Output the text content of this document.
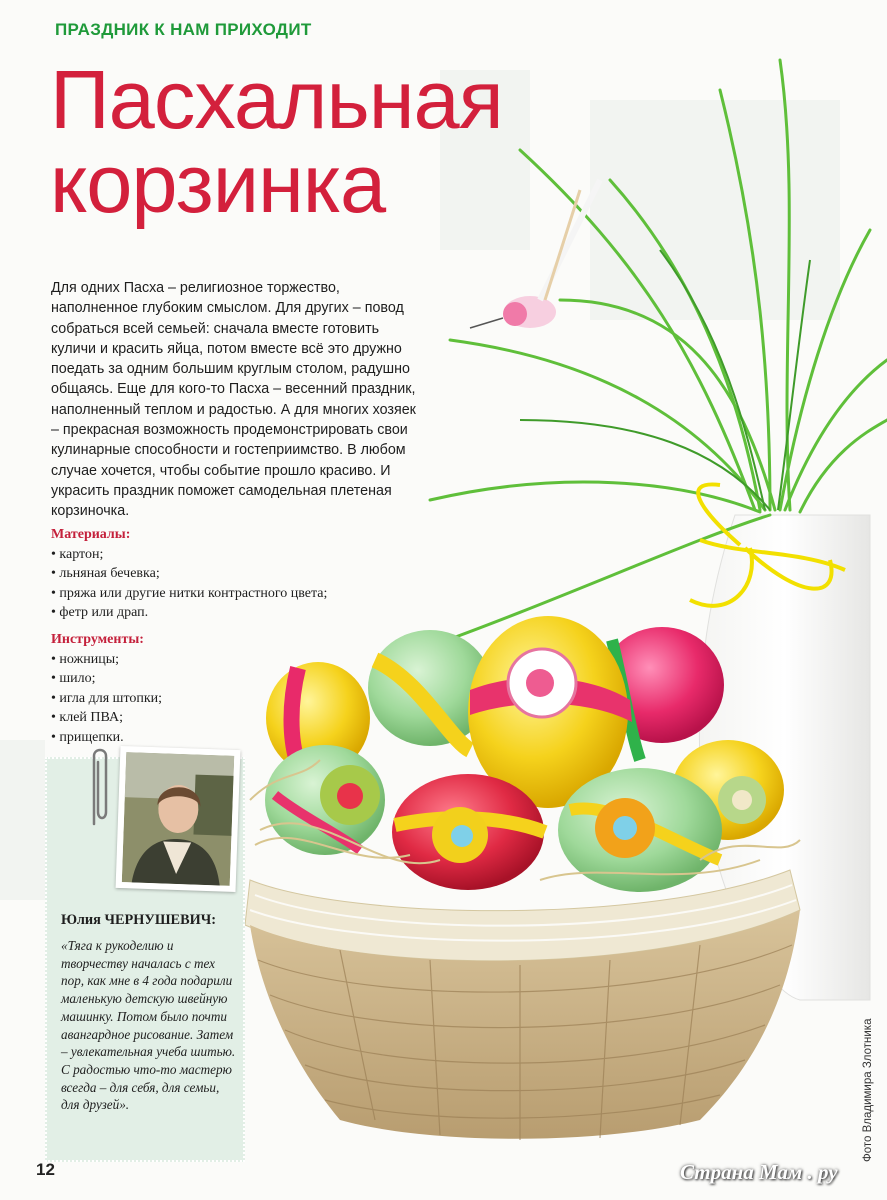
ПРАЗДНИК К НАМ ПРИХОДИТ
Пасхальная
корзинка

Для одних Пасха – религиозное торжество, наполненное глубоким смыслом. Для других – повод собраться всей семьей: сначала вместе готовить куличи и красить яйца, потом вместе всё это дружно поедать за одним большим круглым столом, радушно общаясь. Еще для кого-то Пасха – весенний праздник, наполненный теплом и радостью. А для многих хозяек – прекрасная возможность продемонстрировать свои кулинарные способности и гостеприимство. В любом случае хочется, чтобы событие прошло красиво. И украсить праздник поможет самодельная плетеная корзиночка.

Материалы:
• картон;
• льняная бечевка;
• пряжа или другие нитки контрастного цвета;
• фетр или драп.
Инструменты:
• ножницы;
• шило;
• игла для штопки;
• клей ПВА;
• прищепки.
Юлия ЧЕРНУШЕВИЧ:

«Тяга к рукоделию и творчеству началась с тех пор, как мне в 4 года подарили маленькую детскую швейную машинку. Потом было почти авангардное рисование. Затем – увлекательная учеба шитью. С радостью что-то мастерю всегда – для себя, для семьи, для друзей».

12
Фото Владимира Злотника
Страна Мам . ру
